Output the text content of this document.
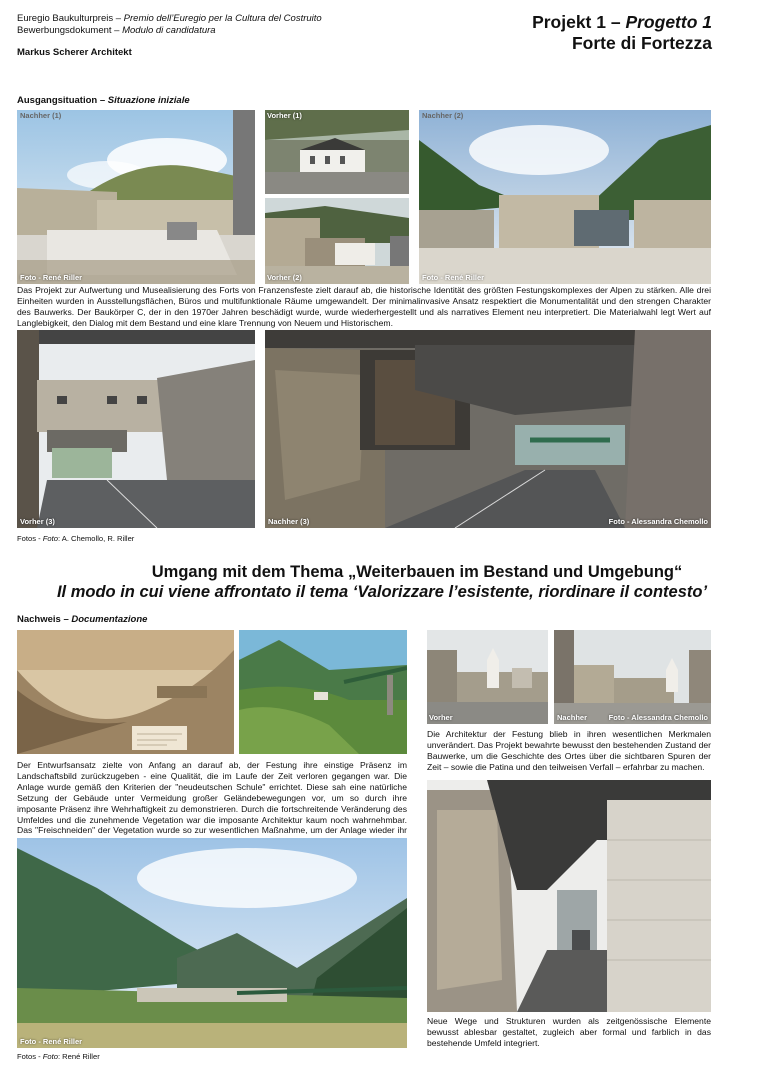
Euregio Baukulturpreis – Premio dell’Euregio per la Cultura del Costruito
Bewerbungsdokument – Modulo di candidatura
Markus Scherer Architekt
Projekt 1 – Progetto 1
Forte di Fortezza
Ausgangsituation – Situazione iniziale
Nachher (1)
Foto - René Riller
Vorher (1)
Vorher (2)
Nachher (2)
Foto - René Riller
Das Projekt zur Aufwertung und Musealisierung des Forts von Franzensfeste zielt darauf ab, die historische Identität des größten Festungskomplexes der Alpen zu stärken. Alle drei Einheiten wurden in Ausstellungsflächen, Büros und multifunktionale Räume umgewandelt. Der minimalinvasive Ansatz respektiert die Monumentalität und den strengen Charakter des Bauwerks. Der Baukörper C, der in den 1970er Jahren beschädigt wurde, wurde wiederhergestellt und als narratives Element neu interpretiert. Die Materialwahl legt Wert auf Langlebigkeit, den Dialog mit dem Bestand und eine klare Trennung von Neuem und Historischem.
Vorher (3)	Nachher (3)	Foto - Alessandra Chemollo
Fotos - Foto: A. Chemollo, R. Riller
Umgang mit dem Thema „Weiterbauen im Bestand und Umgebung“
Il modo in cui viene affrontato il tema ‘Valorizzare l’esistente, riordinare il contesto’
Nachweis – Documentazione
Der Entwurfsansatz zielte von Anfang an darauf ab, der Festung ihre einstige Präsenz im Landschaftsbild zurückzugeben - eine Qualität, die im Laufe der Zeit verloren gegangen war. Die Anlage wurde gemäß den Kriterien der "neudeutschen Schule" errichtet. Diese sah eine natürliche Setzung der Gebäude unter Vermeidung großer Geländebewegungen vor, um so durch ihre imposante Präsenz ihre Wehrhaftigkeit zu demonstrieren. Durch die fortschreitende Veränderung des Umfeldes und die zunehmende Vegetation war die imposante Architektur kaum noch wahrnehmbar. Das "Freischneiden" der Vegetation wurde so zur wesentlichen Maßnahme, um der Anlage wieder ihr
Foto - René Riller
Fotos - Foto: René Riller
Vorher	Nachher	Foto - Alessandra Chemollo
Die Architektur der Festung blieb in ihren wesentlichen Merkmalen unverändert. Das Projekt bewahrte bewusst den bestehenden Zustand der Bauwerke, um die Geschichte des Ortes über die sichtbaren Spuren der Zeit – sowie die Patina und den teilweisen Verfall – erfahrbar zu machen.
Neue Wege und Strukturen wurden als zeitgenössische Elemente bewusst ablesbar gestaltet, zugleich aber formal und farblich in das bestehende Umfeld integriert.
